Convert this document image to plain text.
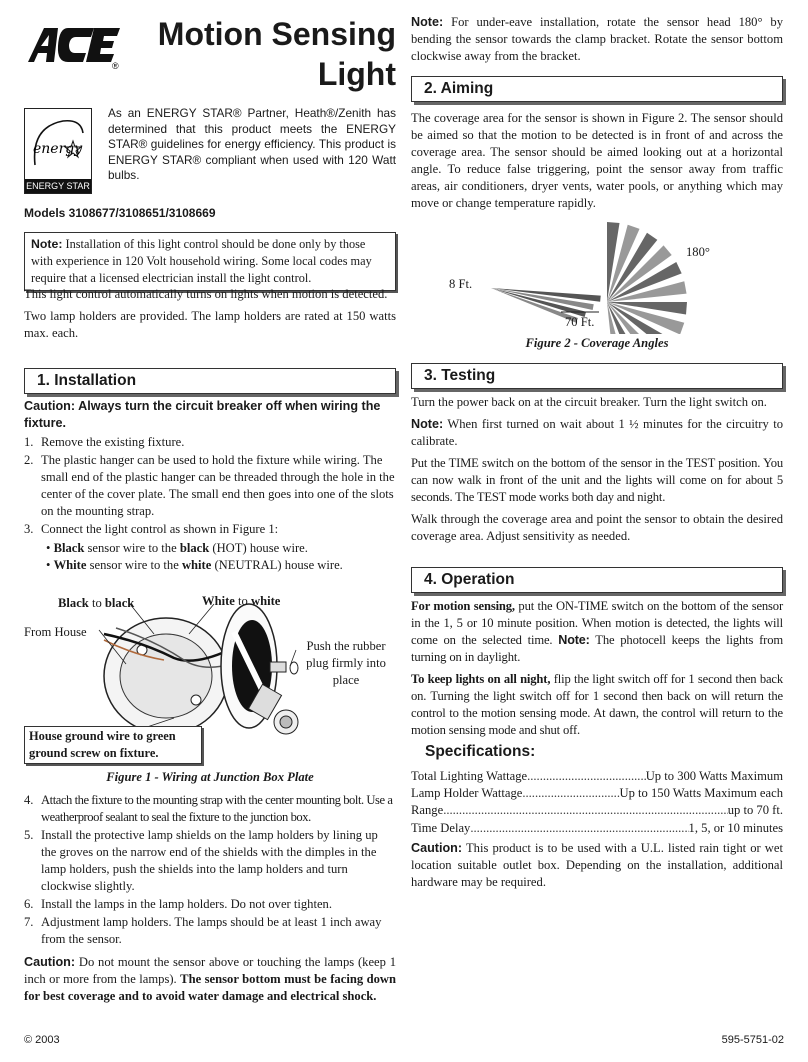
®
Motion Sensing
Light
energy
ENERGY STAR
As an ENERGY STAR® Partner, Heath®/Zenith has determined that this product meets the ENERGY STAR® guidelines for energy efficiency. This product is ENERGY STAR® compliant when used with 120 Watt bulbs.
Models 3108677/3108651/3108669
Note: Installation of this light control should be done only by those with experience in 120 Volt household wiring. Some local codes may require that a licensed electrician install the light control.

This light control automatically turns on lights when motion is detected.

Two lamp holders are provided. The lamp holders are rated at 150 watts max. each.

1. Installation
Caution: Always turn the circuit breaker off when wiring the fixture.
1. Remove the existing fixture.
2. The plastic hanger can be used to hold the fixture while wiring. The small end of the plastic hanger can be threaded through the hole in the center of the cover plate. The small end then goes into one of the slots on the mounting strap.
3. Connect the light control as shown in Figure 1:
• Black sensor wire to the black (HOT) house wire.
• White sensor wire to the white (NEUTRAL) house wire.
Black to black	White to white
From House
Push the rubber plug firmly into place
House ground wire to green ground screw on fixture.
Figure 1 - Wiring at Junction Box Plate
4. Attach the fixture to the mounting strap with the center mounting bolt. Use a weatherproof sealant to seal the fixture to the junction box.
5. Install the protective lamp shields on the lamp holders by lining up the groves on the narrow end of the shields with the dimples in the lamp holders, push the shields into the lamp holders and turn clockwise slightly.
6. Install the lamps in the lamp holders. Do not over tighten.
7. Adjustment lamp holders. The lamps should be at least 1 inch away from the sensor.

Caution: Do not mount the sensor above or touching the lamps (keep 1 inch or more from the lamps). The sensor bottom must be facing down for best coverage and to avoid water damage and electrical shock.

Note: For under-eave installation, rotate the sensor head 180° by bending the sensor towards the clamp bracket. Rotate the sensor bottom clockwise away from the bracket.

2. Aiming

The coverage area for the sensor is shown in Figure 2. The sensor should be aimed so that the motion to be detected is in front of and across the coverage area. The sensor should be aimed looking out at a horizontal angle. To reduce false triggering, point the sensor away from traffic areas, air conditioners, dryer vents, water pools, or anything which may move or change temperature rapidly.

8 Ft.
70 Ft.
180°
Figure 2 - Coverage Angles
3. Testing

Turn the power back on at the circuit breaker. Turn the light switch on.

Note: When first turned on wait about 1 ½ minutes for the circuitry to calibrate.

Put the TIME switch on the bottom of the sensor in the TEST position. You can now walk in front of the unit and the lights will come on for about 5 seconds. The TEST mode works both day and night.

Walk through the coverage area and point the sensor to obtain the desired coverage area. Adjust sensitivity as needed.

4. Operation

For motion sensing, put the ON-TIME switch on the bottom of the sensor in the 1, 5 or 10 minute position. When motion is detected, the lights will come on the selected time. Note: The photocell keeps the lights from turning on in daylight.

To keep lights on all night, flip the light switch off for 1 second then back on. Turning the light switch off for 1 second then back on will return the control to the motion sensing mode. At dawn, the control will return to the motion sensing mode and shut off.

Specifications:
Total Lighting Wattage .....	Up to 300 Watts Maximum
Lamp Holder Wattage .....	Up to 150 Watts Maximum each
Range .....	up to 70 ft.
Time Delay .....	1, 5, or 10 minutes

Caution: This product is to be used with a U.L. listed rain tight or wet location suitable outlet box. Depending on the installation, additional hardware may be required.

© 2003	595-5751-02
